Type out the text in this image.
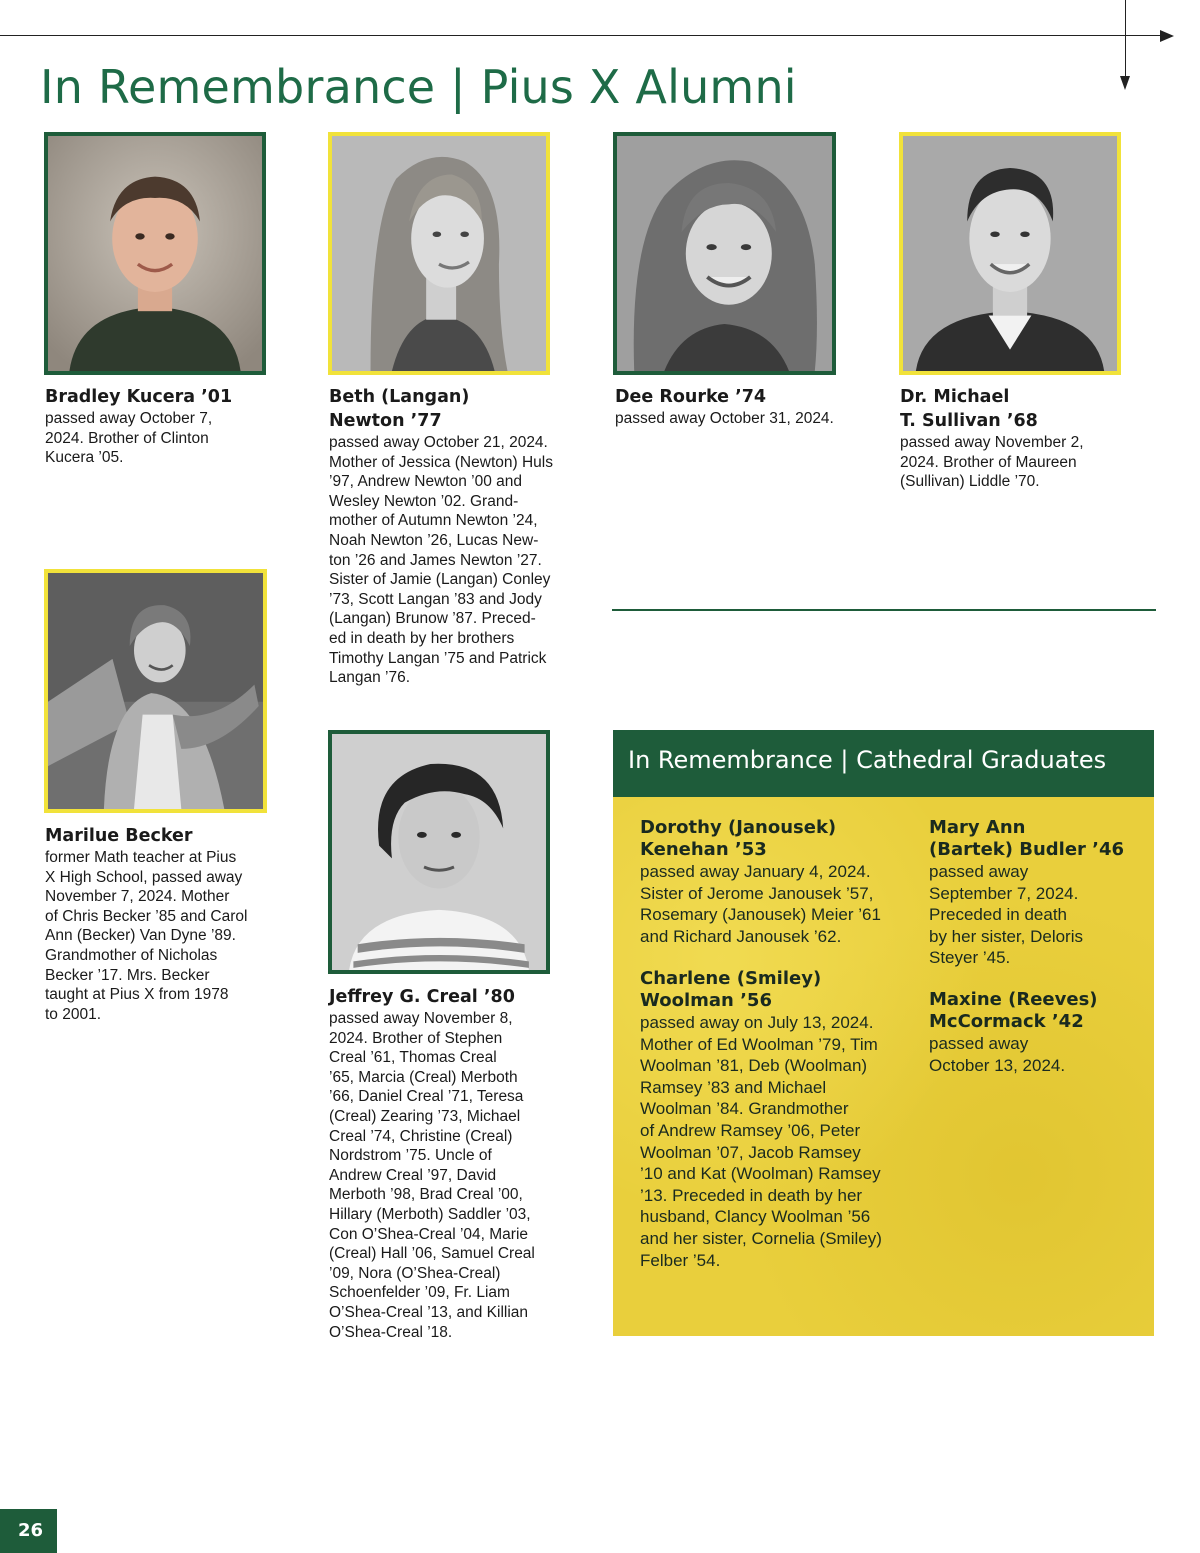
In Remembrance | Pius X Alumni
Bradley Kucera ’01
passed away October 7,
2024. Brother of Clinton
Kucera ’05.
Beth (Langan)
Newton ’77
passed away October 21, 2024.
Mother of Jessica (Newton) Huls
’97, Andrew Newton ’00 and
Wesley Newton ’02. Grand-
mother of Autumn Newton ’24,
Noah Newton ’26, Lucas New-
ton ’26 and James Newton ’27.
Sister of Jamie (Langan) Conley
’73, Scott Langan ’83 and Jody
(Langan) Brunow ’87. Preced-
ed in death by her brothers
Timothy Langan ’75 and Patrick
Langan ’76.
Dee Rourke ’74
passed away October 31, 2024.
Dr. Michael
T. Sullivan ’68
passed away November 2,
2024. Brother of Maureen
(Sullivan) Liddle ’70.
Marilue Becker
former Math teacher at Pius
X High School, passed away
November 7, 2024. Mother
of Chris Becker ’85 and Carol
Ann (Becker) Van Dyne ’89.
Grandmother of Nicholas
Becker ’17. Mrs. Becker
taught at Pius X from 1978
to 2001.
Jeffrey G. Creal ’80
passed away November 8,
2024. Brother of Stephen
Creal ’61, Thomas Creal
’65, Marcia (Creal) Merboth
’66, Daniel Creal ’71, Teresa
(Creal) Zearing ’73, Michael
Creal ’74, Christine (Creal)
Nordstrom ’75. Uncle of
Andrew Creal ’97, David
Merboth ’98, Brad Creal ’00,
Hillary (Merboth) Saddler ’03,
Con O’Shea-Creal ’04, Marie
(Creal) Hall ’06, Samuel Creal
’09, Nora (O’Shea-Creal)
Schoenfelder ’09, Fr. Liam
O’Shea-Creal ’13, and Killian
O’Shea-Creal ’18.
In Remembrance | Cathedral Graduates
Dorothy (Janousek)
Kenehan ’53
passed away January 4, 2024.
Sister of Jerome Janousek ’57,
Rosemary (Janousek) Meier ’61
and Richard Janousek ’62.
Charlene (Smiley)
Woolman ’56
passed away on July 13, 2024.
Mother of Ed Woolman ’79, Tim
Woolman ’81, Deb (Woolman)
Ramsey ’83 and Michael
Woolman ’84. Grandmother
of Andrew Ramsey ’06, Peter
Woolman ’07, Jacob Ramsey
’10 and Kat (Woolman) Ramsey
’13. Preceded in death by her
husband, Clancy Woolman ’56
and her sister, Cornelia (Smiley)
Felber ’54.
Mary Ann
(Bartek) Budler ’46
passed away
September 7, 2024.
Preceded in death
by her sister, Deloris
Steyer ’45.
Maxine (Reeves)
McCormack ’42
passed away
October 13, 2024.
26
